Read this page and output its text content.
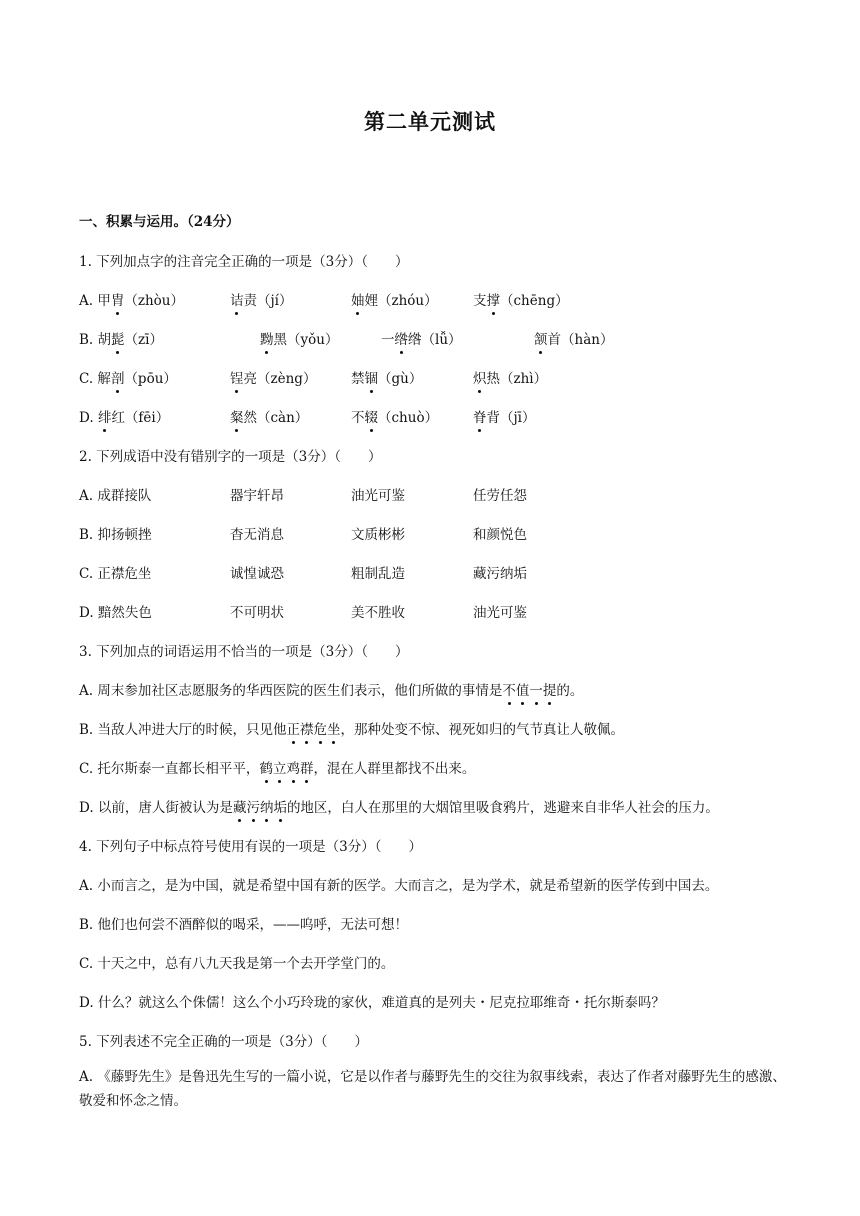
第二单元测试
一、积累与运用。（24分）
1. 下列加点字的注音完全正确的一项是（3分）（　　）
A. 甲胄（zhòu）	诘责（jí）	妯娌（zhóu）	支撑（chēng）
B. 胡髭（zī）	黝黑（yǒu）	一绺绺（lǚ）	颔首（hàn）
C. 解剖（pōu）	锃亮（zèng）	禁锢（gù）	炽热（zhì）
D. 绯红（fēi）	粲然（càn）	不辍（chuò）	脊背（jī）
2. 下列成语中没有错别字的一项是（3分）（　　）
A. 成群接队	器宇轩昂	油光可鉴	任劳任怨
B. 抑扬顿挫	杳无消息	文质彬彬	和颜悦色
C. 正襟危坐	诚惶诚恐	粗制乱造	藏污纳垢
D. 黯然失色	不可明状	美不胜收	油光可鉴
3. 下列加点的词语运用不恰当的一项是（3分）（　　）
A. 周末参加社区志愿服务的华西医院的医生们表示，他们所做的事情是不值一提的。
B. 当敌人冲进大厅的时候，只见他正襟危坐，那种处变不惊、视死如归的气节真让人敬佩。
C. 托尔斯泰一直都长相平平，鹤立鸡群，混在人群里都找不出来。
D. 以前，唐人街被认为是藏污纳垢的地区，白人在那里的大烟馆里吸食鸦片，逃避来自非华人社会的压力。
4. 下列句子中标点符号使用有误的一项是（3分）（　　）
A. 小而言之，是为中国，就是希望中国有新的医学。大而言之，是为学术，就是希望新的医学传到中国去。
B. 他们也何尝不酒醉似的喝采，——呜呼，无法可想！
C. 十天之中，总有八九天我是第一个去开学堂门的。
D. 什么？就这么个侏儒！这么个小巧玲珑的家伙，难道真的是列夫・尼克拉耶维奇・托尔斯泰吗？
5. 下列表述不完全正确的一项是（3分）（　　）
A. 《藤野先生》是鲁迅先生写的一篇小说，它是以作者与藤野先生的交往为叙事线索，表达了作者对藤野先生的感激、敬爱和怀念之情。
